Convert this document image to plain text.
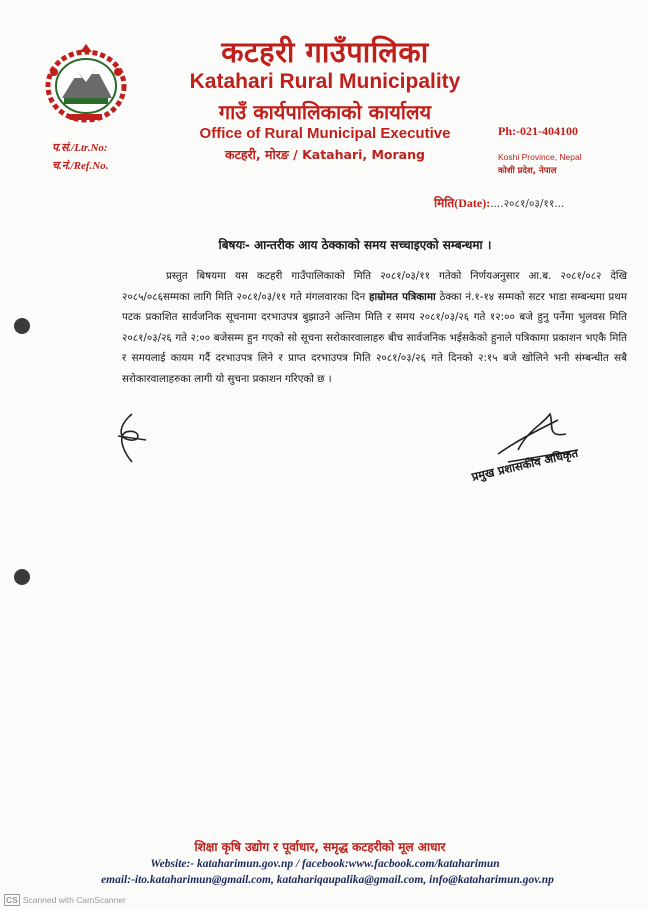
कटहरी गाउँपालिका
Katahari Rural Municipality
गाउँ कार्यपालिकाको कार्यालय
Office of Rural Municipal Executive
कटहरी, मोरङ / Katahari, Morang
प.सं./Ltr.No:
च.नं./Ref.No.
Ph:-021-404100
Koshi Province, Nepal
कोशी प्रदेश, नेपाल
मिति(Date):....२०८१/०३/११...
बिषयः- आन्तरीक आय ठेक्काको समय सच्चाइएको सम्बन्धमा ।
प्रस्तुत बिषयमा यस कटहरी गाउँपालिकाको मिति २०८१/०३/११ गतेको निर्णयअनुसार आ.ब. २०८१/०८२ देखि २०८५/०८६सम्मका लागि मिति २०८१/०३/११ गते मंगलवारका दिन हाम्रोमत पत्रिकामा ठेक्का नं.१-१४ सम्मको सटर भाडा सम्बन्धमा प्रथम पटक प्रकाशित सार्वजनिक सूचनामा दरभाउपत्र बुझाउने अन्तिम मिति र समय २०८१/०३/२६ गते १२:०० बजे हुनु पर्नेमा भुलवस मिति २०८१/०३/२६ गते २:०० बजेसम्म हुन गएको सो सूचना सरोकारवालाहरु बीच सार्वजनिक भईसकेको हुनाले पत्रिकामा प्रकाशन भएकै मिति र समयलाई कायम गर्दै दरभाउपत्र लिने र प्राप्त दरभाउपत्र मिति २०८१/०३/२६ गते दिनको २:१५ बजे खोलिने भनी संम्बन्धीत सबै सरोकारवालाहरुका लागी यो सुचना प्रकाशन गरिएको छ ।
प्रमुख प्रशासकीय अधिकृत
शिक्षा कृषि उद्योग र पूर्वाधार, समृद्ध कटहरीको मूल आधार
Website:- kataharimun.gov.np / facebook:www.facbook.com/kataharimun
email:-ito.kataharimun@gmail.com, katahariqaupalika@gmail.com, info@kataharimun.gov.np
CS Scanned with CamScanner
